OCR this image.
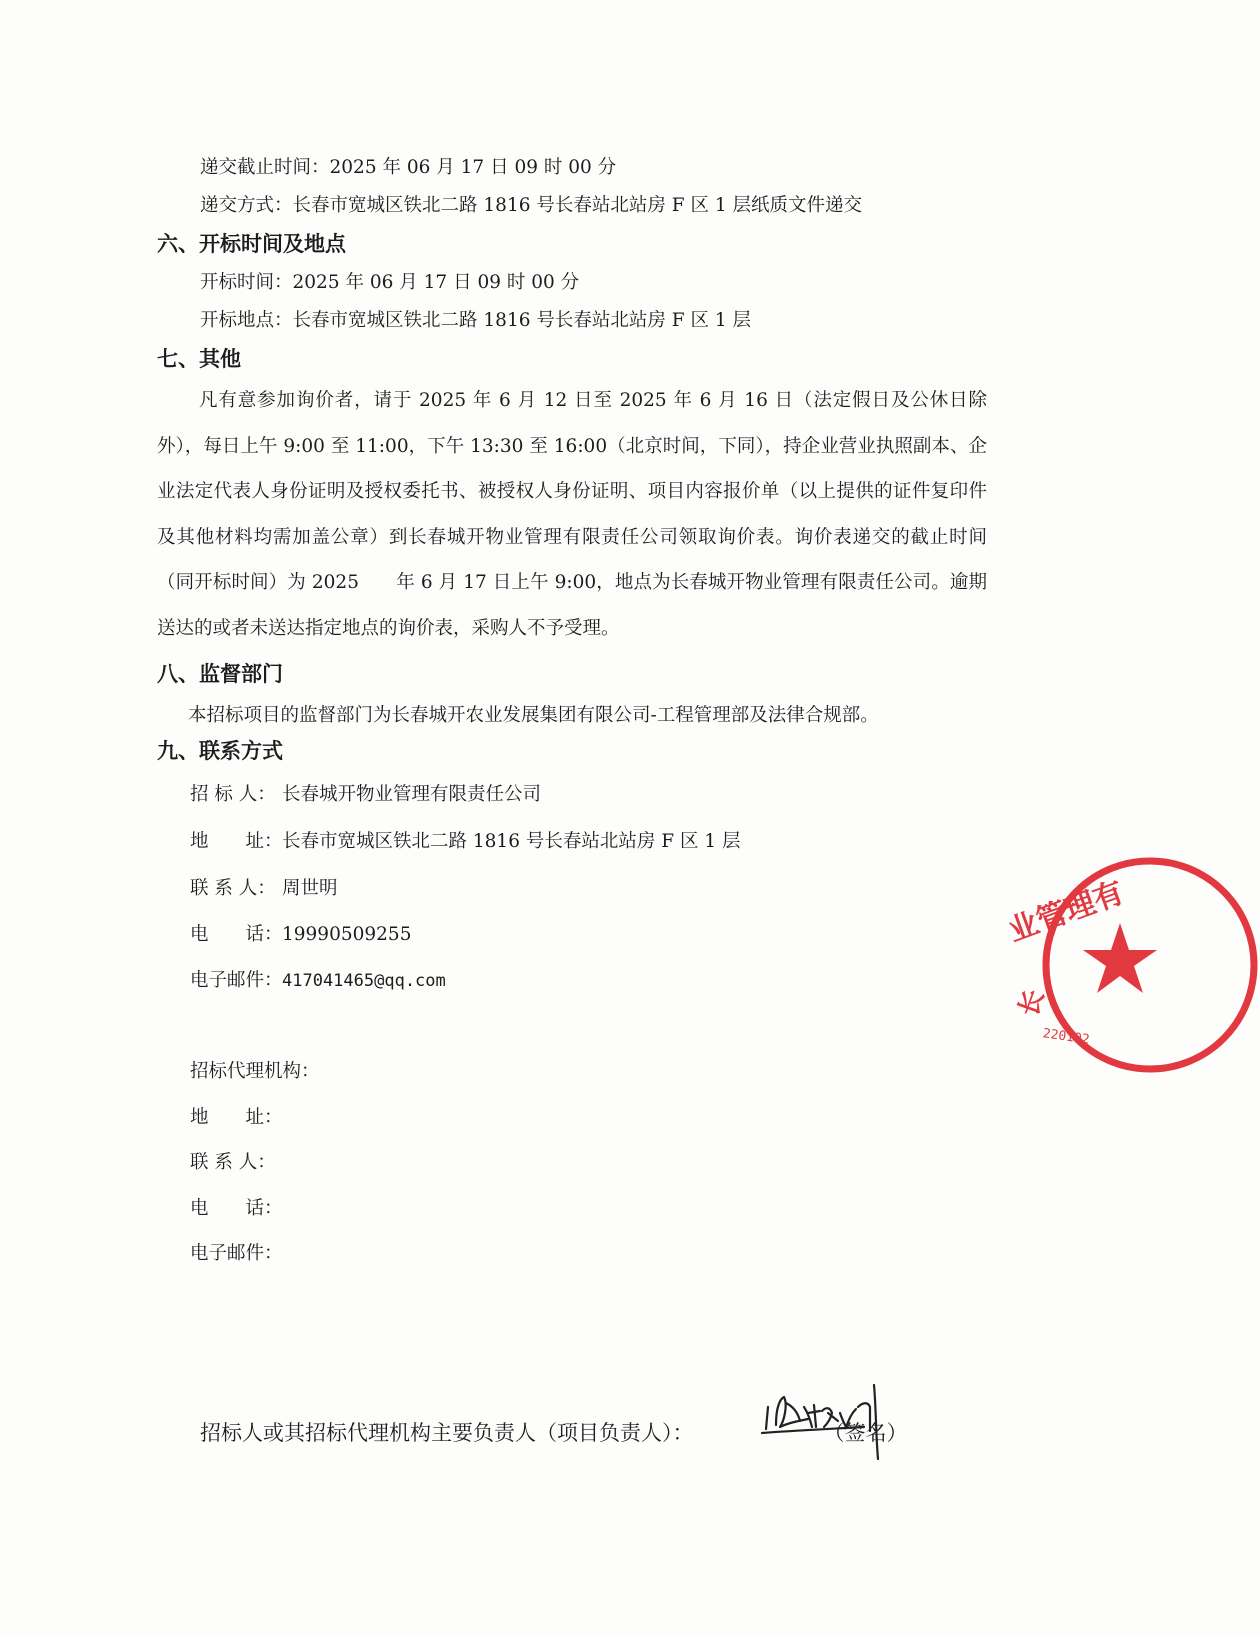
递交截止时间：2025 年 06 月 17 日 09 时 00 分
递交方式：长春市宽城区铁北二路 1816 号长春站北站房 F 区 1 层纸质文件递交
六、开标时间及地点
开标时间：2025 年 06 月 17 日 09 时 00 分
开标地点：长春市宽城区铁北二路 1816 号长春站北站房 F 区 1 层
七、其他
凡有意参加询价者，请于 2025 年 6 月 12 日至 2025 年 6 月 16 日（法定假日及公休日除外），每日上午 9:00 至 11:00，下午 13:30 至 16:00（北京时间，下同），持企业营业执照副本、企业法定代表人身份证明及授权委托书、被授权人身份证明、项目内容报价单（以上提供的证件复印件及其他材料均需加盖公章）到长春城开物业管理有限责任公司领取询价表。询价表递交的截止时间（同开标时间）为 2025　　年 6 月 17 日上午 9:00，地点为长春城开物业管理有限责任公司。逾期送达的或者未送达指定地点的询价表，采购人不予受理。
八、监督部门
本招标项目的监督部门为长春城开农业发展集团有限公司-工程管理部及法律合规部。
九、联系方式
招 标 人： 长春城开物业管理有限责任公司
地　　址：长春市宽城区铁北二路 1816 号长春站北站房 F 区 1 层
联 系 人： 周世明
电　　话：19990509255
电子邮件：417041465@qq.com
招标代理机构：
地　　址：
联 系 人：
电　　话：
电子邮件：
招标人或其招标代理机构主要负责人（项目负责人）：	（签名）
业管理有
220102
长
